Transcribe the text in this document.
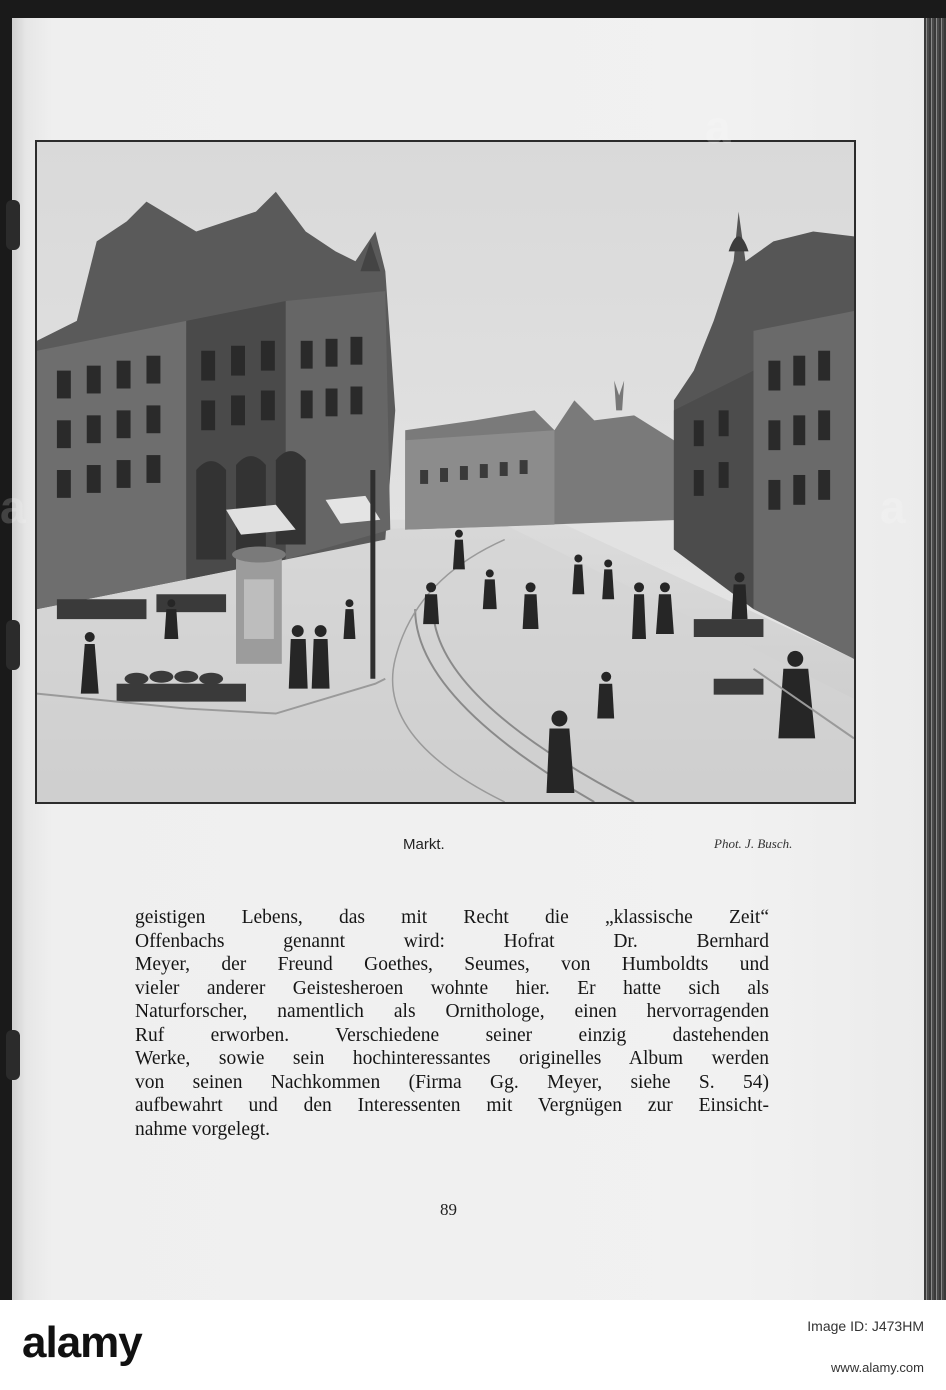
Markt.	Phot. J. Busch.

geistigen Lebens, das mit Recht die „klassische Zeit“
Offenbachs genannt wird: Hofrat Dr. Bernhard
Meyer, der Freund Goethes, Seumes, von Humboldts und
vieler anderer Geistesheroen wohnte hier. Er hatte sich als
Naturforscher, namentlich als Ornithologe, einen hervorragenden
Ruf erworben. Verschiedene seiner einzig dastehenden
Werke, sowie sein hochinteressantes originelles Album werden
von seinen Nachkommen (Firma Gg. Meyer, siehe S. 54)
aufbewahrt und den Interessenten mit Vergnügen zur Einsicht-
nahme vorgelegt.

89
alamy	Image ID: J473HM
www.alamy.com
